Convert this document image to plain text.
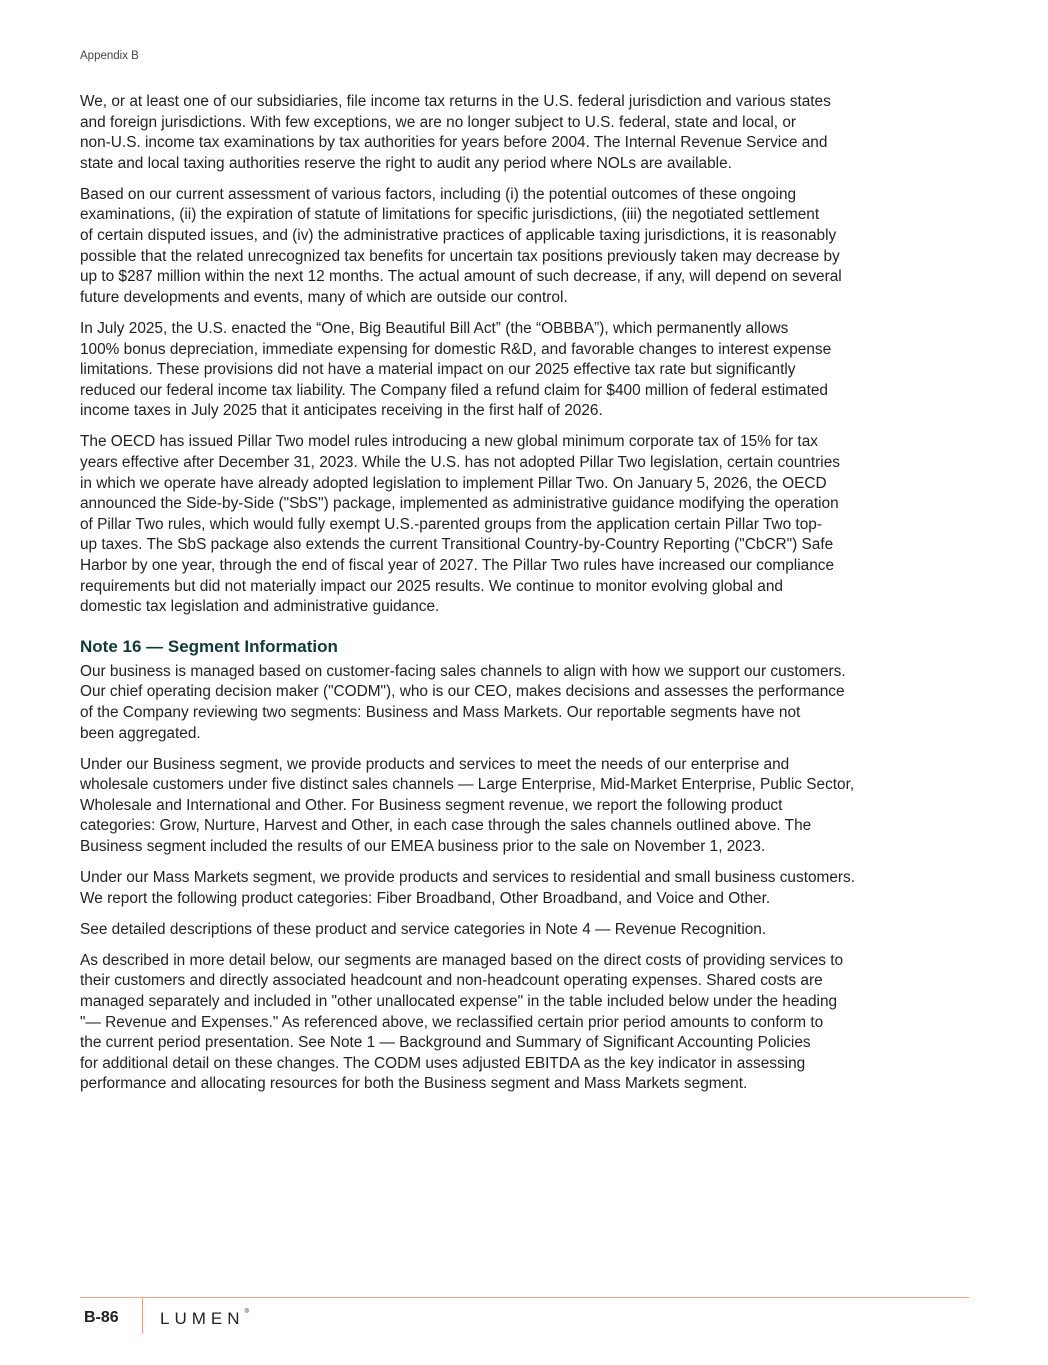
Appendix B

We, or at least one of our subsidiaries, file income tax returns in the U.S. federal jurisdiction and various states
and foreign jurisdictions. With few exceptions, we are no longer subject to U.S. federal, state and local, or
non-U.S. income tax examinations by tax authorities for years before 2004. The Internal Revenue Service and
state and local taxing authorities reserve the right to audit any period where NOLs are available.

Based on our current assessment of various factors, including (i) the potential outcomes of these ongoing
examinations, (ii) the expiration of statute of limitations for specific jurisdictions, (iii) the negotiated settlement
of certain disputed issues, and (iv) the administrative practices of applicable taxing jurisdictions, it is reasonably
possible that the related unrecognized tax benefits for uncertain tax positions previously taken may decrease by
up to $287 million within the next 12 months. The actual amount of such decrease, if any, will depend on several
future developments and events, many of which are outside our control.

In July 2025, the U.S. enacted the “One, Big Beautiful Bill Act” (the “OBBBA”), which permanently allows
100% bonus depreciation, immediate expensing for domestic R&D, and favorable changes to interest expense
limitations. These provisions did not have a material impact on our 2025 effective tax rate but significantly
reduced our federal income tax liability. The Company filed a refund claim for $400 million of federal estimated
income taxes in July 2025 that it anticipates receiving in the first half of 2026.

The OECD has issued Pillar Two model rules introducing a new global minimum corporate tax of 15% for tax
years effective after December 31, 2023. While the U.S. has not adopted Pillar Two legislation, certain countries
in which we operate have already adopted legislation to implement Pillar Two. On January 5, 2026, the OECD
announced the Side-by-Side ("SbS") package, implemented as administrative guidance modifying the operation
of Pillar Two rules, which would fully exempt U.S.-parented groups from the application certain Pillar Two top-
up taxes. The SbS package also extends the current Transitional Country-by-Country Reporting ("CbCR") Safe
Harbor by one year, through the end of fiscal year of 2027. The Pillar Two rules have increased our compliance
requirements but did not materially impact our 2025 results. We continue to monitor evolving global and
domestic tax legislation and administrative guidance.

Note 16 — Segment Information

Our business is managed based on customer-facing sales channels to align with how we support our customers.
Our chief operating decision maker ("CODM"), who is our CEO, makes decisions and assesses the performance
of the Company reviewing two segments: Business and Mass Markets. Our reportable segments have not
been aggregated.

Under our Business segment, we provide products and services to meet the needs of our enterprise and
wholesale customers under five distinct sales channels — Large Enterprise, Mid-Market Enterprise, Public Sector,
Wholesale and International and Other. For Business segment revenue, we report the following product
categories: Grow, Nurture, Harvest and Other, in each case through the sales channels outlined above. The
Business segment included the results of our EMEA business prior to the sale on November 1, 2023.

Under our Mass Markets segment, we provide products and services to residential and small business customers.
We report the following product categories: Fiber Broadband, Other Broadband, and Voice and Other.

See detailed descriptions of these product and service categories in Note 4 — Revenue Recognition.

As described in more detail below, our segments are managed based on the direct costs of providing services to
their customers and directly associated headcount and non-headcount operating expenses. Shared costs are
managed separately and included in "other unallocated expense" in the table included below under the heading
"— Revenue and Expenses." As referenced above, we reclassified certain prior period amounts to conform to
the current period presentation. See Note 1 — Background and Summary of Significant Accounting Policies
for additional detail on these changes. The CODM uses adjusted EBITDA as the key indicator in assessing
performance and allocating resources for both the Business segment and Mass Markets segment.

B-86 LUMEN®
